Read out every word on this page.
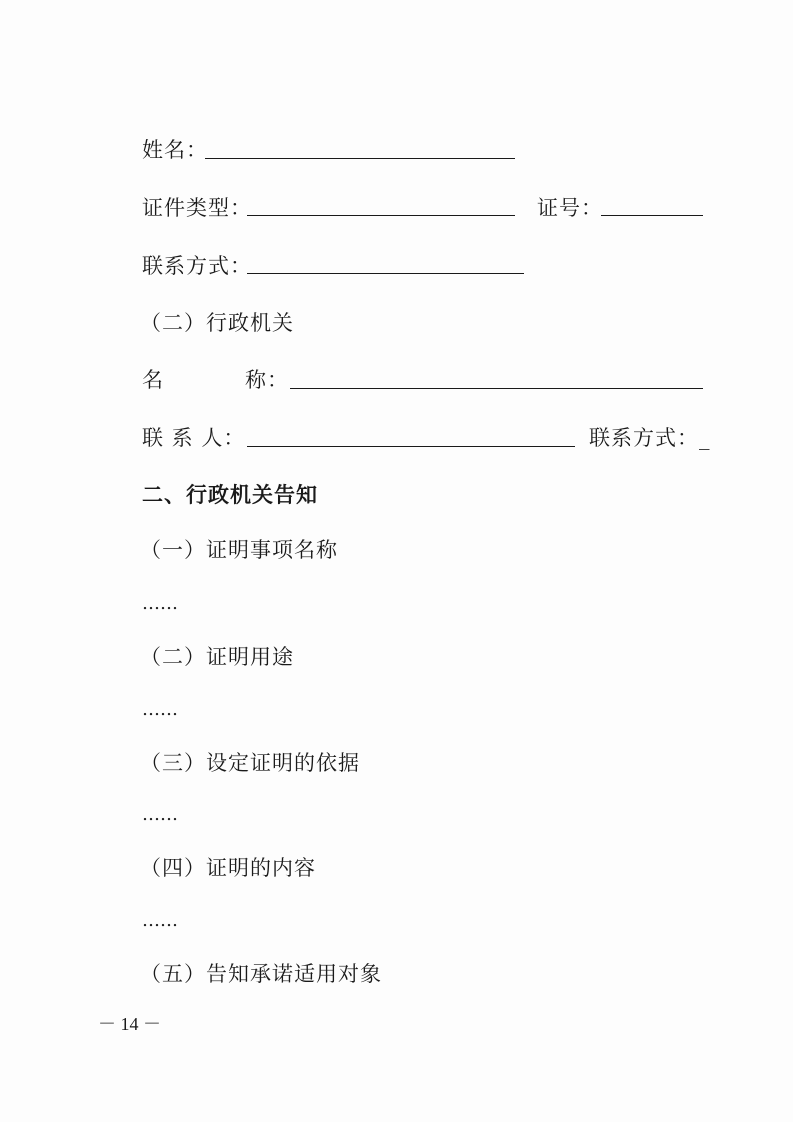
姓名：
证件类型：	证号：
联系方式：
（二）行政机关
名	称：
联 系 人：	联系方式：_
二、行政机关告知
（一）证明事项名称
……
（二）证明用途
……
（三）设定证明的依据
……
（四）证明的内容
……
（五）告知承诺适用对象
－ 14 －
